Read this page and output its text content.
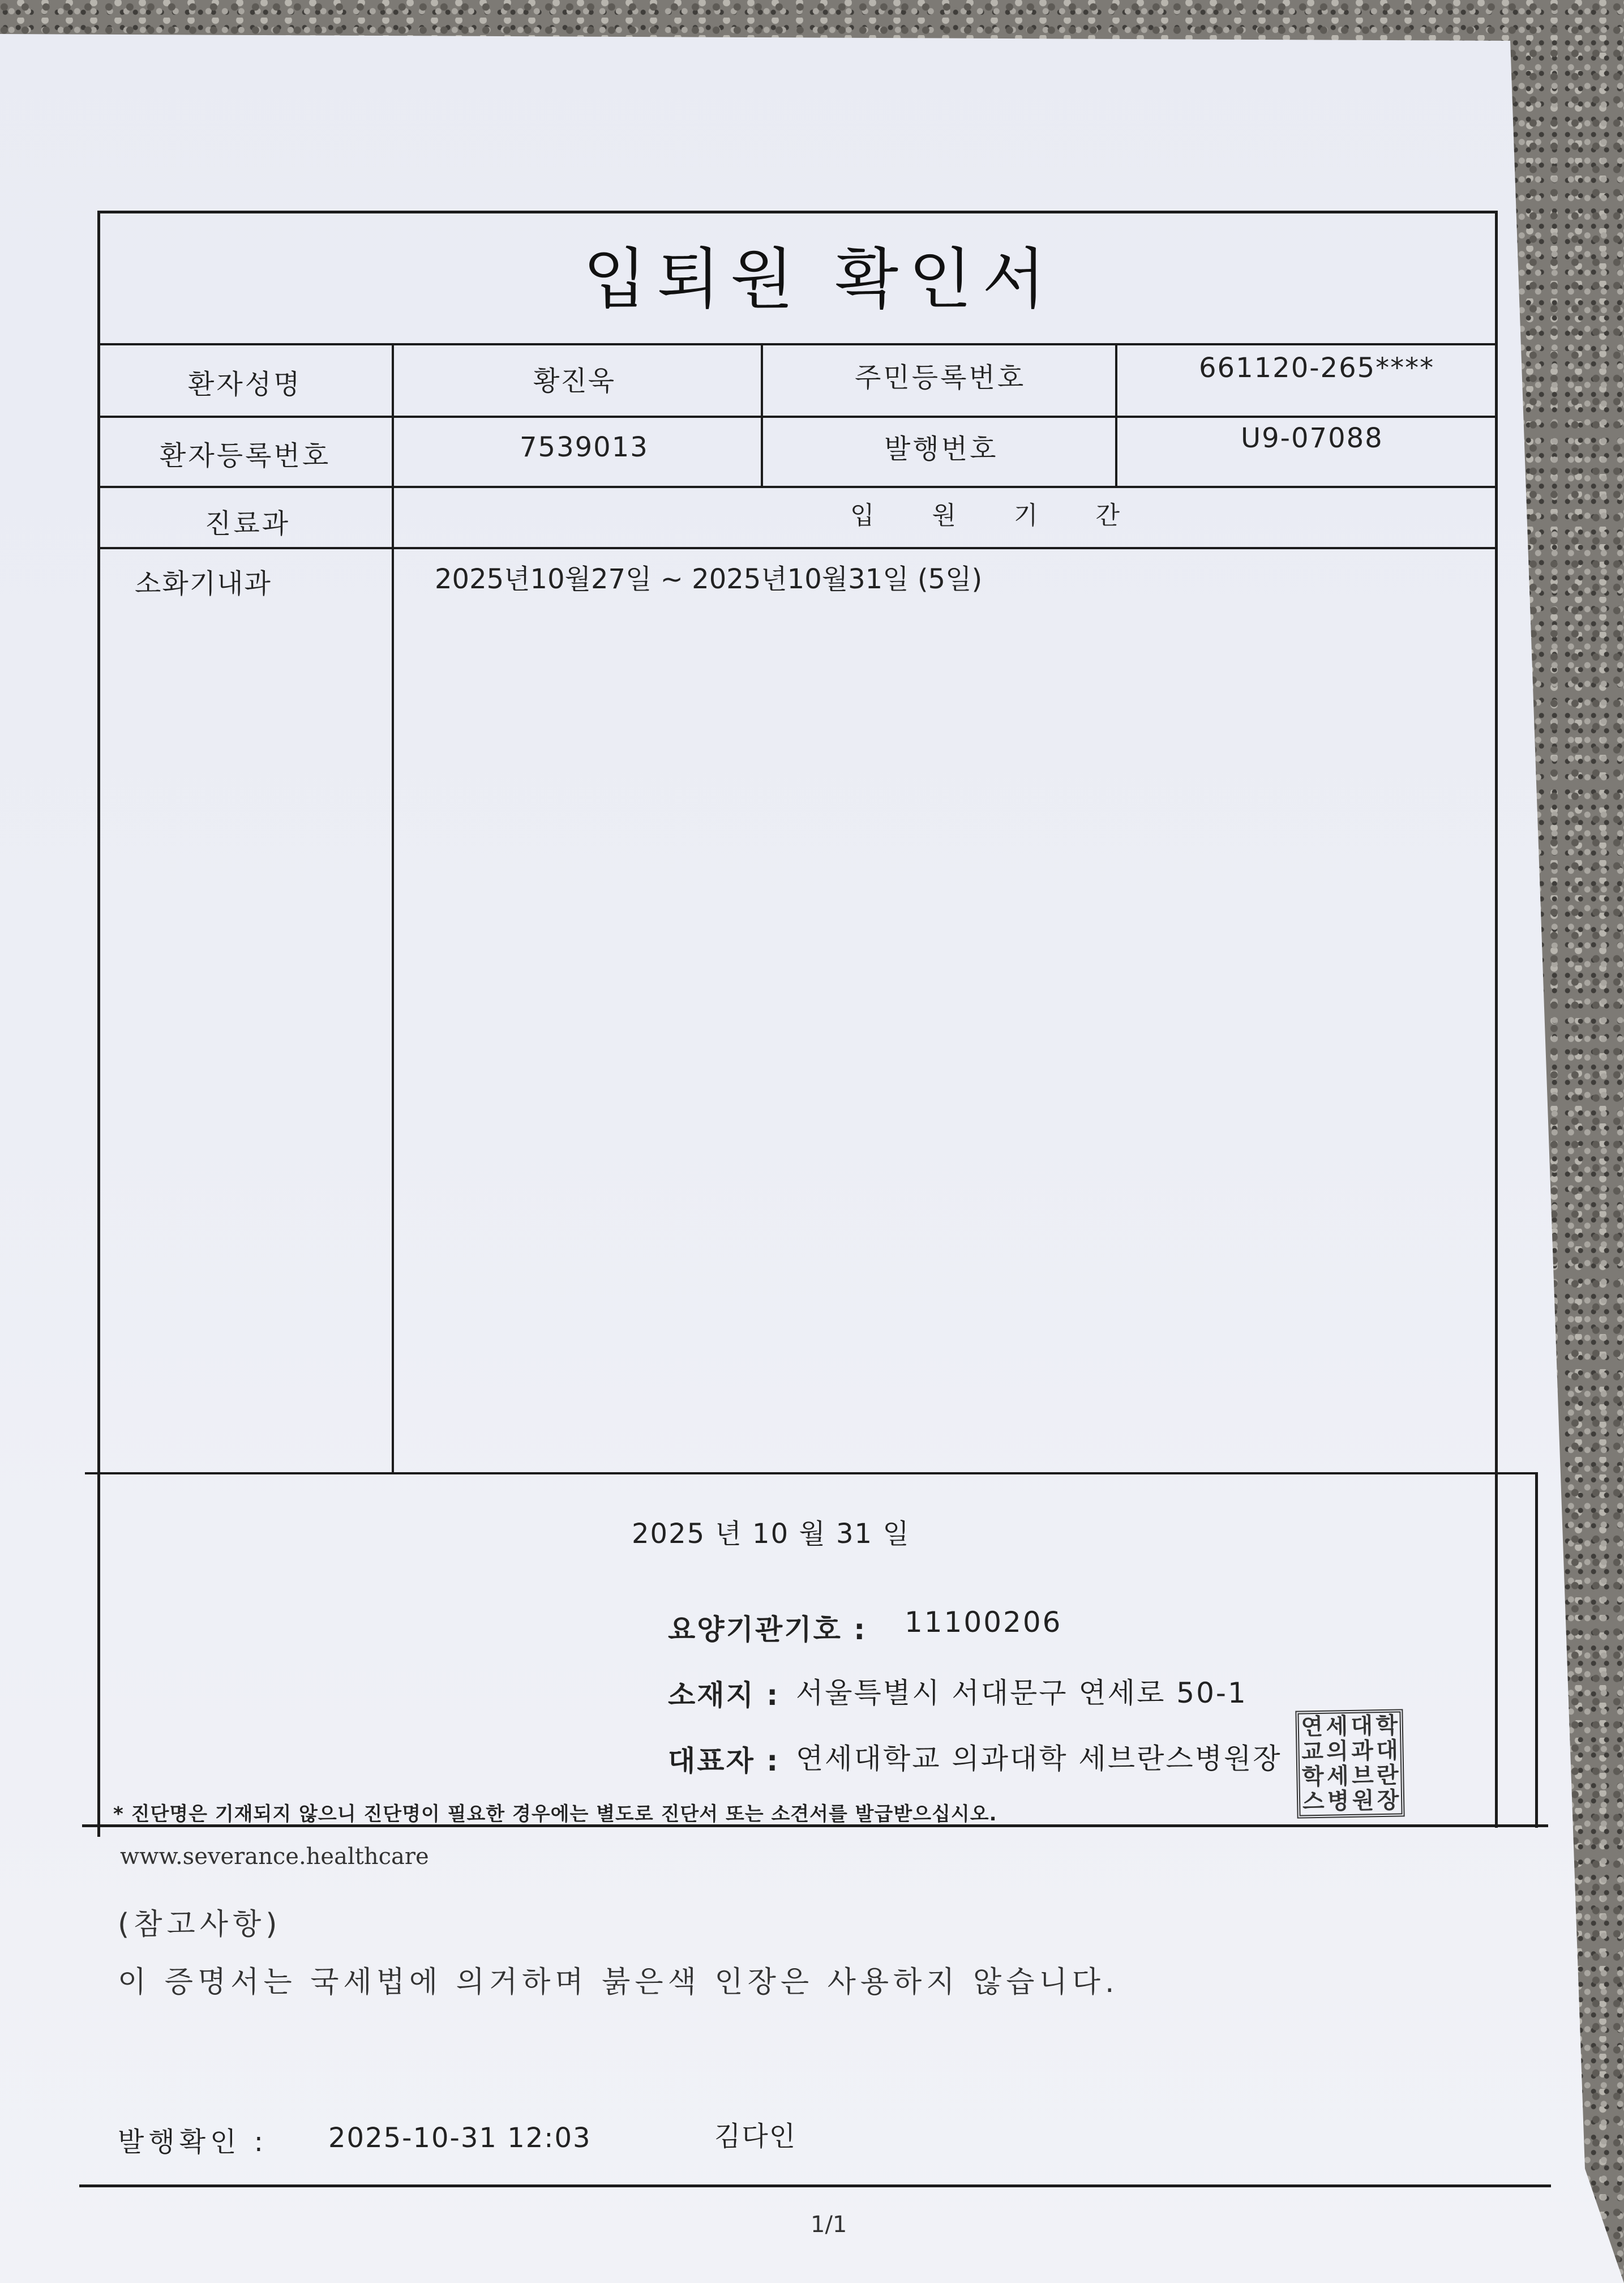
입퇴원 확인서
환자성명	황진욱	주민등록번호	661120-265****
환자등록번호	7539013	발행번호	U9-07088
진료과	입 원 기 간
소화기내과	2025년10월27일 ~ 2025년10월31일 (5일)
2025 년 10 월 31 일
요양기관기호 : 11100206
소재지 : 서울특별시 서대문구 연세로 50-1
대표자 : 연세대학교 의과대학 세브란스병원장
연 세 대 학
교 의 과 대
학 세 브 란
스 병 원 장
* 진단명은 기재되지 않으니 진단명이 필요한 경우에는 별도로 진단서 또는 소견서를 발급받으십시오.
www.severance.healthcare
(참고사항)
이 증명서는 국세법에 의거하며 붉은색 인장은 사용하지 않습니다.
발행확인 : 2025-10-31 12:03	김다인
1/1
